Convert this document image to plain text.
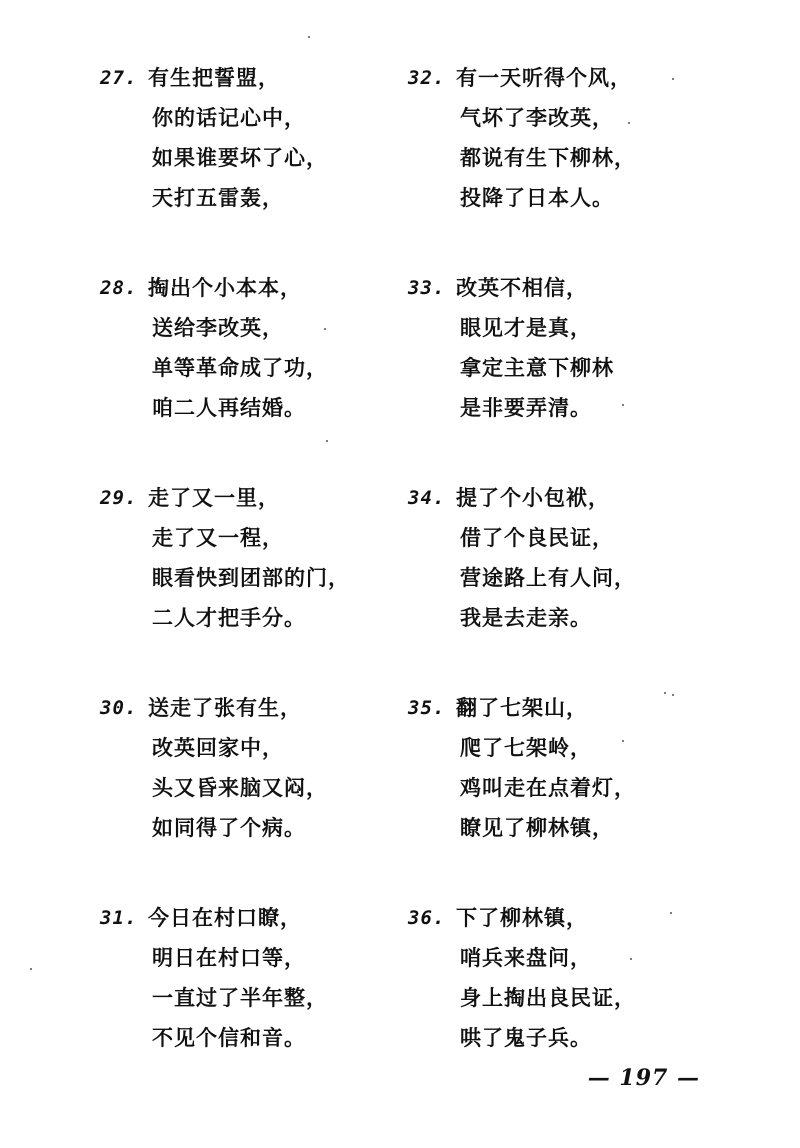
27. 有生把誓盟，
你的话记心中，
如果谁要坏了心，
天打五雷轰，
28. 掏出个小本本，
送给李改英，
单等革命成了功，
咱二人再结婚。
29. 走了又一里，
走了又一程，
眼看快到团部的门，
二人才把手分。
30. 送走了张有生，
改英回家中，
头又昏来脑又闷，
如同得了个病。
31. 今日在村口瞭，
明日在村口等，
一直过了半年整，
不见个信和音。
32. 有一天听得个风，
气坏了李改英，
都说有生下柳林，
投降了日本人。
33. 改英不相信，
眼见才是真，
拿定主意下柳林
是非要弄清。
34. 提了个小包袱，
借了个良民证，
营途路上有人问，
我是去走亲。
35. 翻了七架山，
爬了七架岭，
鸡叫走在点着灯，
瞭见了柳林镇，
36. 下了柳林镇，
哨兵来盘问，
身上掏出良民证，
哄了鬼子兵。
— 197 —
